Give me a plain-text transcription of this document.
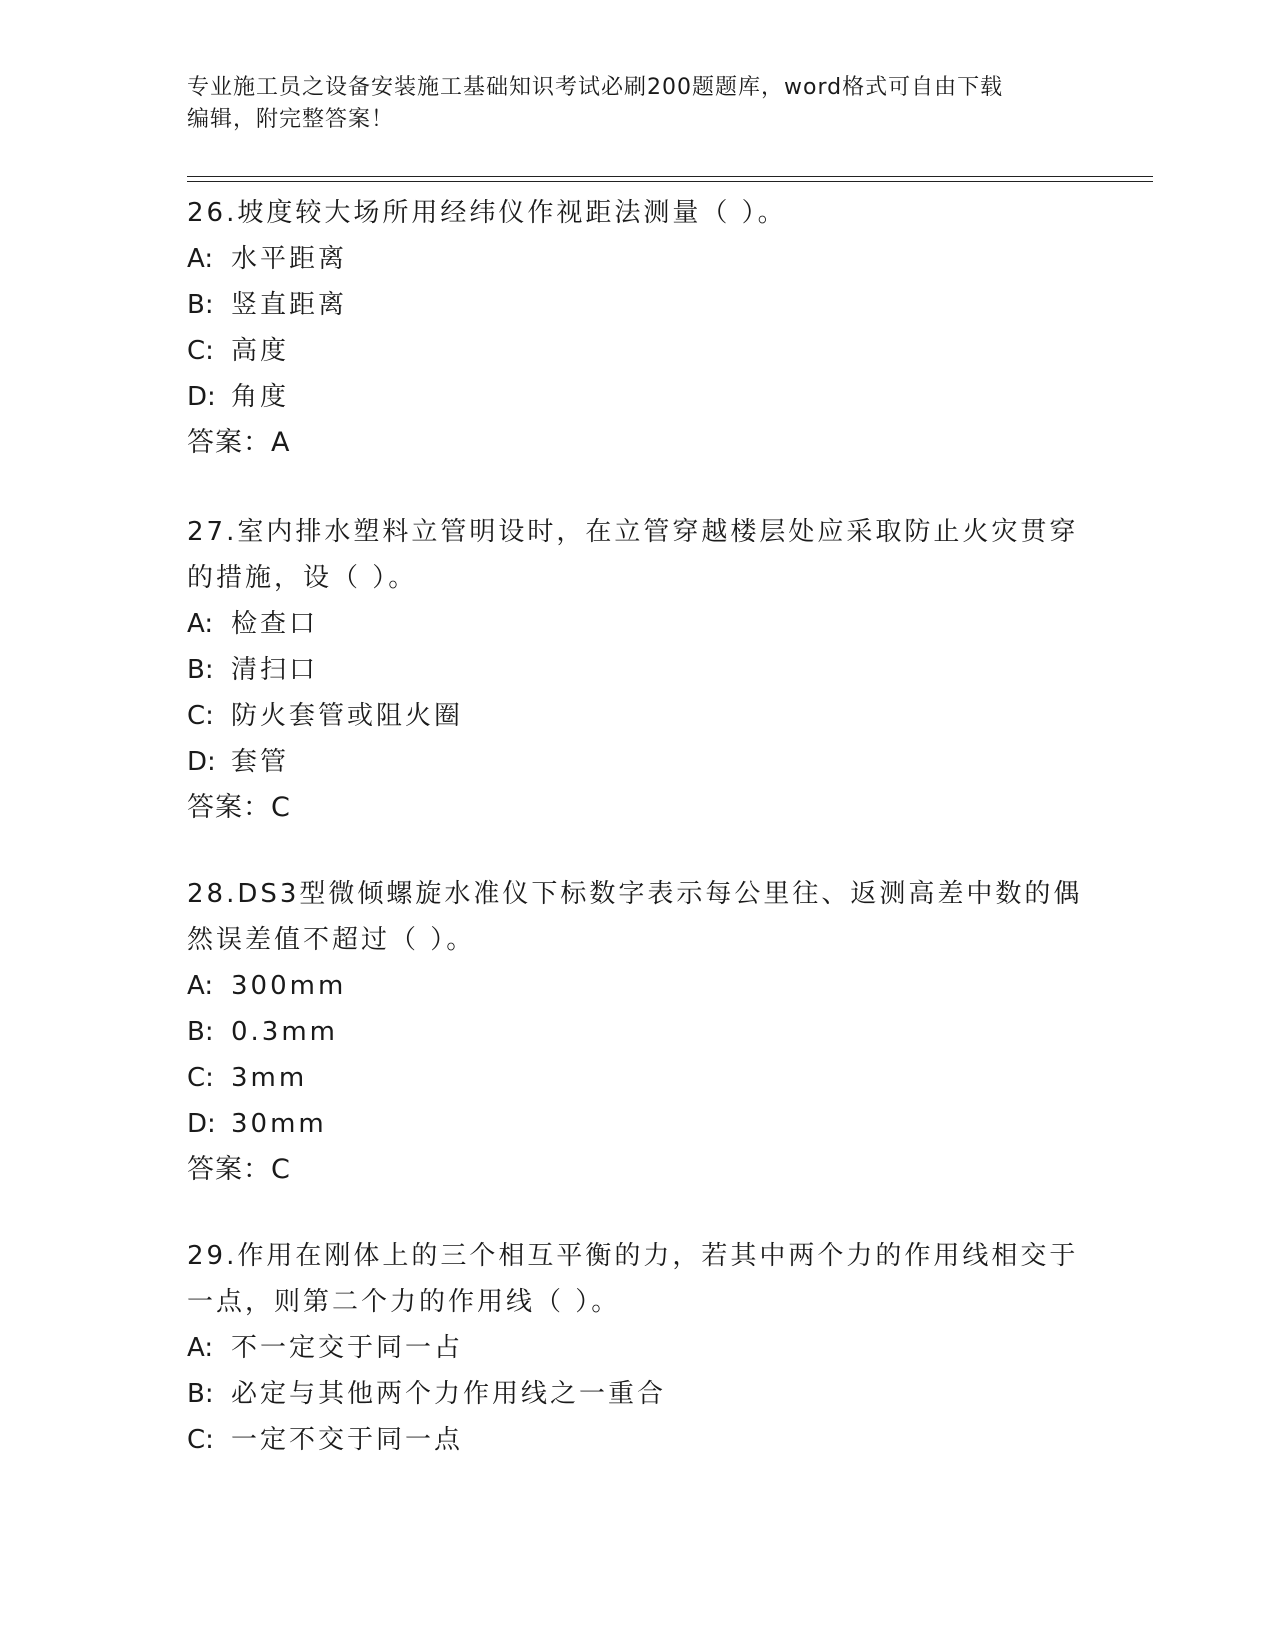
专业施工员之设备安装施工基础知识考试必刷200题题库，word格式可自由下载
编辑，附完整答案！

26.坡度较大场所用经纬仪作视距法测量（ ）。

A: 水平距离

B: 竖直距离

C: 高度

D: 角度

答案：A

27.室内排水塑料立管明设时，在立管穿越楼层处应采取防止火灾贯穿

的措施，设（ ）。

A: 检查口

B: 清扫口

C: 防火套管或阻火圈

D: 套管

答案：C

28.DS3型微倾螺旋水准仪下标数字表示每公里往、返测高差中数的偶

然误差值不超过（ ）。

A: 300mm

B: 0.3mm

C: 3mm

D: 30mm

答案：C

29.作用在刚体上的三个相互平衡的力，若其中两个力的作用线相交于

一点，则第二个力的作用线（ ）。

A: 不一定交于同一占

B: 必定与其他两个力作用线之一重合

C: 一定不交于同一点
